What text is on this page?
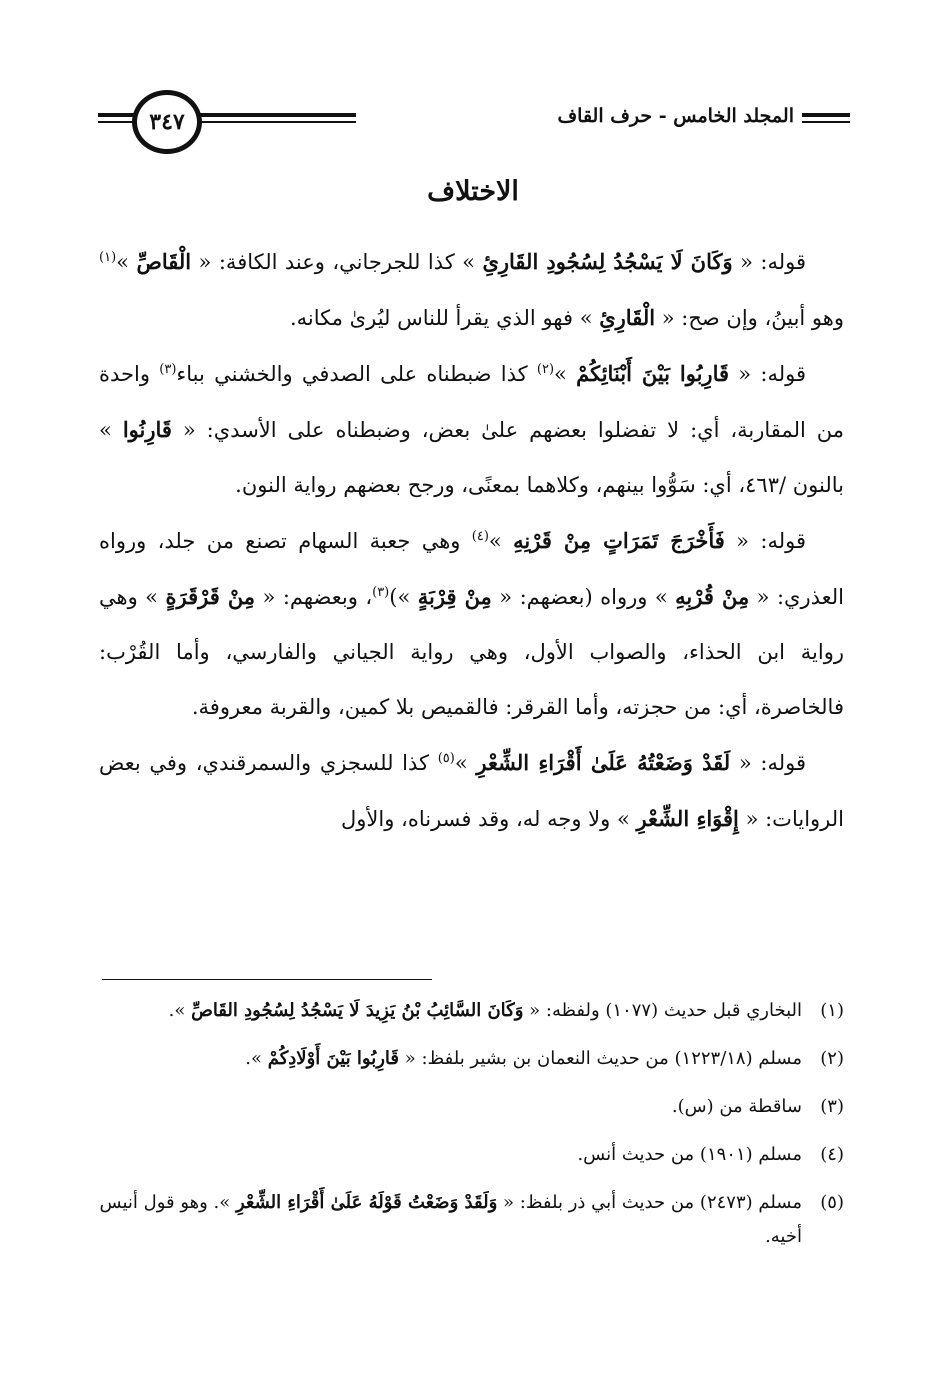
المجلد الخامس - حرف القاف
٣٤٧
الاختلاف

قوله: « وَكَانَ لَا يَسْجُدُ لِسُجُودِ القَارِئِ » كذا للجرجاني، وعند الكافة: « الْقَاصِّ »$^{(١)}$ وهو أبينُ، وإن صح: « الْقَارِئِ » فهو الذي يقرأ للناس ليُرىٰ مكانه.

قوله: « قَارِبُوا بَيْنَ أَبْنَائِكُمْ »$^{(٢)}$ كذا ضبطناه على الصدفي والخشني بباء$^{(٣)}$ واحدة من المقاربة، أي: لا تفضلوا بعضهم علىٰ بعض، وضبطناه على الأسدي: « قَارِنُوا » بالنون /٤٦٣، أي: سَوُّوا بينهم، وكلاهما بمعنًى، ورجح بعضهم رواية النون.

قوله: « فَأَخْرَجَ تَمَرَاتٍ مِنْ قَرْنِهِ »$^{(٤)}$ وهي جعبة السهام تصنع من جلد، ورواه العذري: « مِنْ قُرْبِهِ » ورواه (بعضهم: « مِنْ قِرْبَةٍ »)$^{(٣)}$، وبعضهم: « مِنْ قَرْقَرَةٍ » وهي رواية ابن الحذاء، والصواب الأول، وهي رواية الجياني والفارسي، وأما القُرْب: فالخاصرة، أي: من حجزته، وأما القرقر: فالقميص بلا كمين، والقربة معروفة.

قوله: « لَقَدْ وَضَعْتُهُ عَلَىٰ أَقْرَاءِ الشِّعْرِ »$^{(٥)}$ كذا للسجزي والسمرقندي، وفي بعض الروايات: « إِقْوَاءِ الشِّعْرِ » ولا وجه له، وقد فسرناه، والأول

(١)
البخاري قبل حديث (١٠٧٧) ولفظه: « وَكَانَ السَّائِبُ بْنُ يَزِيدَ لَا يَسْجُدُ لِسُجُودِ القَاصِّ ».
(٢)
مسلم (١٢٢٣/١٨) من حديث النعمان بن بشير بلفظ: « قَارِبُوا بَيْنَ أَوْلَادِكُمْ ».
(٣)
ساقطة من (س).
(٤)
مسلم (١٩٠١) من حديث أنس.
(٥)
مسلم (٢٤٧٣) من حديث أبي ذر بلفظ: « وَلَقَدْ وَضَعْتُ قَوْلَهُ عَلَىٰ أَقْرَاءِ الشِّعْرِ ». وهو قول أنيس أخيه.
